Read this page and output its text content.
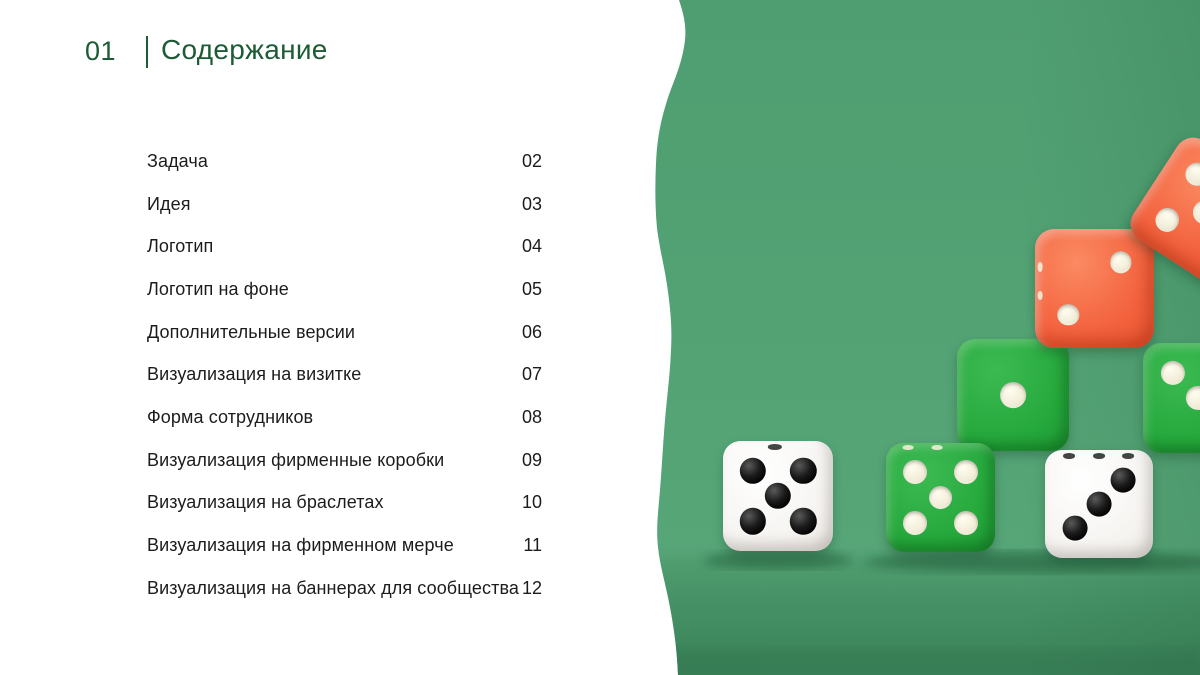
01 Содержание
Задача	02
Идея	03
Логотип	04
Логотип на фоне	05
Дополнительные версии	06
Визуализация на визитке	07
Форма сотрудников	08
Визуализация фирменные коробки	09
Визуализация на браслетах	10
Визуализация на фирменном мерче	11
Визуализация на баннерах для сообщества 12
